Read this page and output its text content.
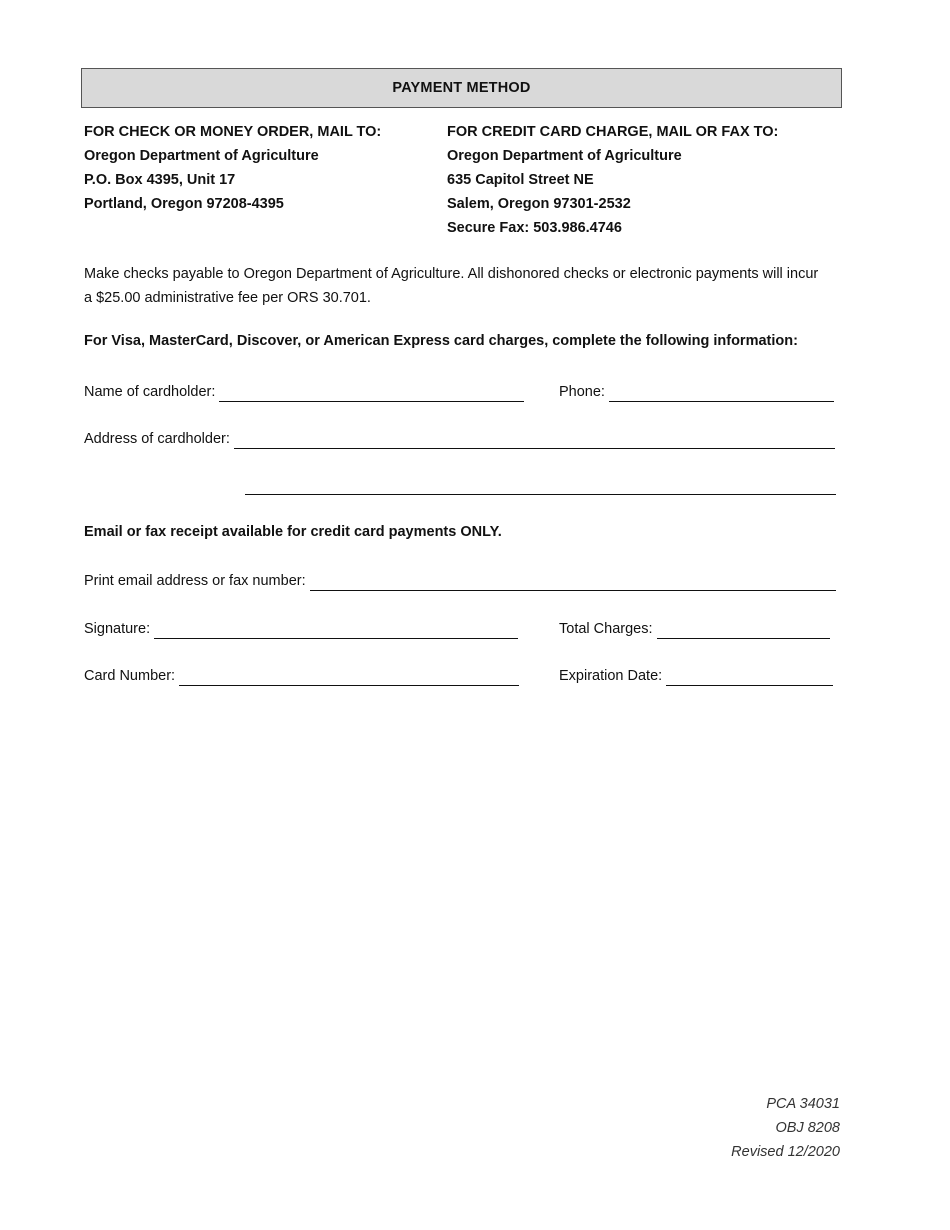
PAYMENT METHOD
FOR CHECK OR MONEY ORDER, MAIL TO:
Oregon Department of Agriculture
P.O. Box 4395, Unit 17
Portland, Oregon 97208-4395
FOR CREDIT CARD CHARGE, MAIL OR FAX TO:
Oregon Department of Agriculture
635 Capitol Street NE
Salem, Oregon 97301-2532
Secure Fax: 503.986.4746
Make checks payable to Oregon Department of Agriculture. All dishonored checks or electronic payments will incur a $25.00 administrative fee per ORS 30.701.
For Visa, MasterCard, Discover, or American Express card charges, complete the following information:
Name of cardholder:	Phone:
Address of cardholder:
Email or fax receipt available for credit card payments ONLY.
Print email address or fax number:
Signature:	Total Charges:
Card Number:	Expiration Date:
PCA 34031
OBJ 8208
Revised 12/2020
